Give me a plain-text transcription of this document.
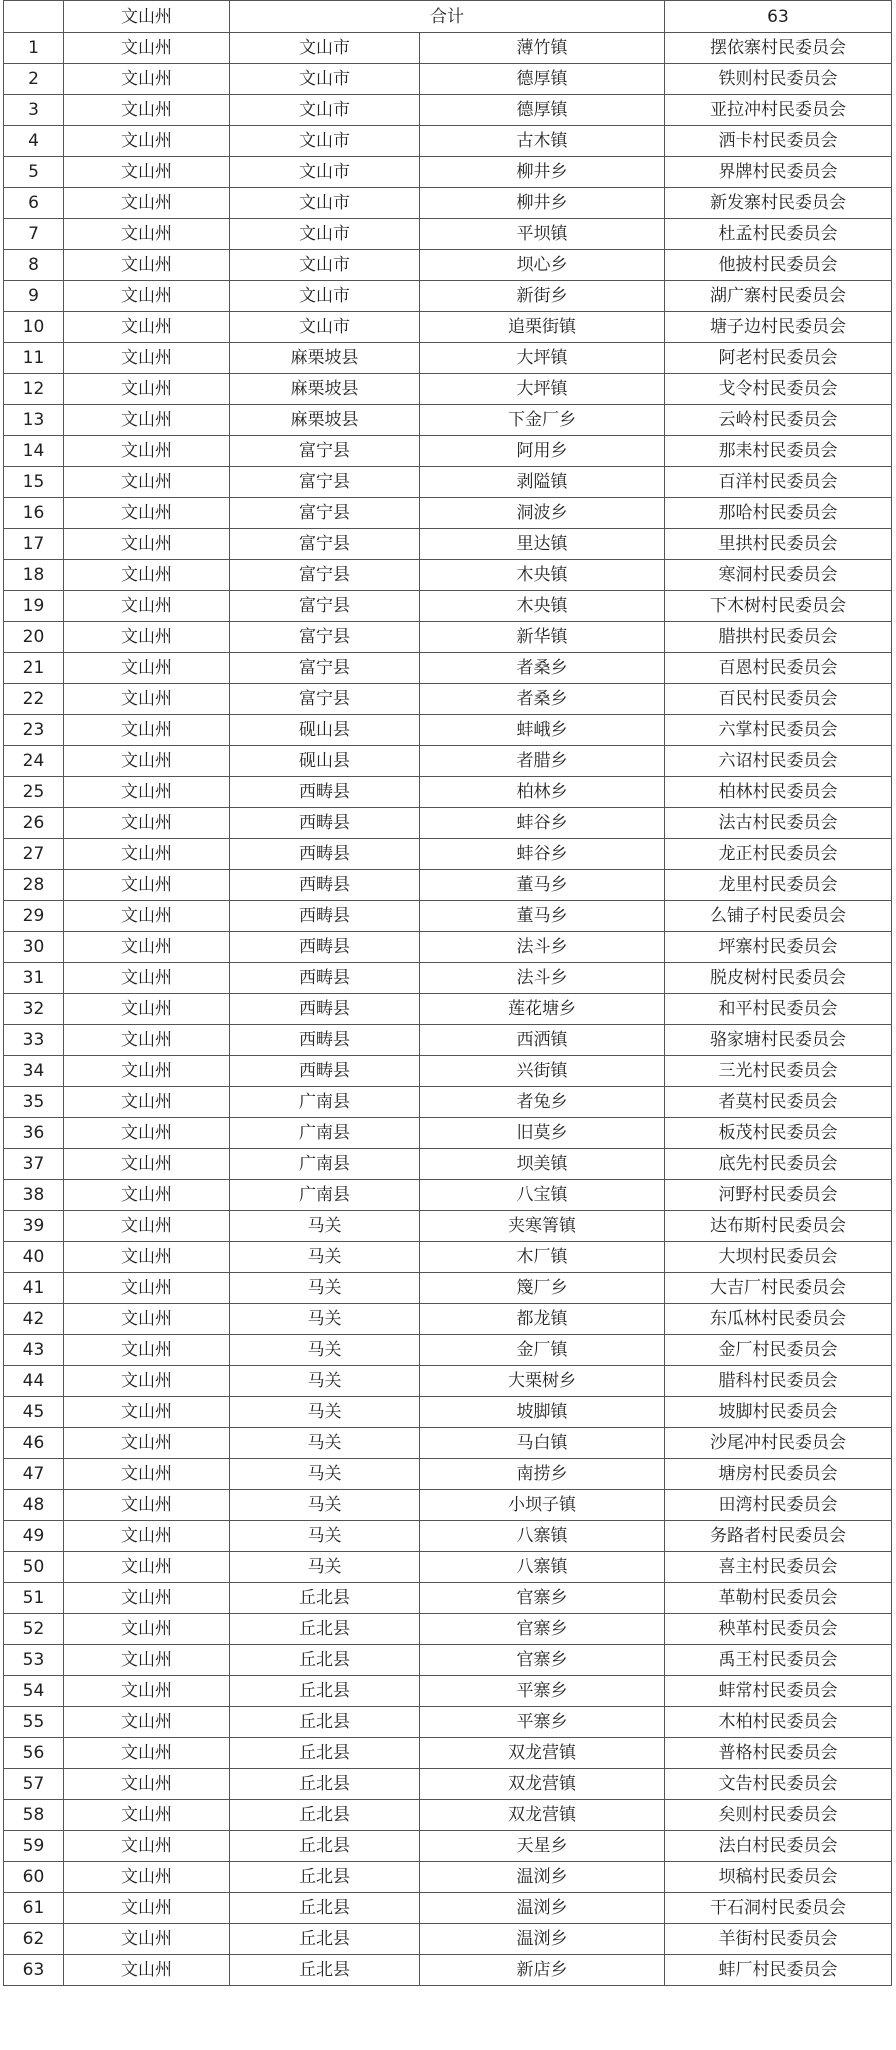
	文山州	合计		63
1	文山州	文山市	薄竹镇	摆依寨村民委员会
2	文山州	文山市	德厚镇	铁则村民委员会
3	文山州	文山市	德厚镇	亚拉冲村民委员会
4	文山州	文山市	古木镇	洒卡村民委员会
5	文山州	文山市	柳井乡	界牌村民委员会
6	文山州	文山市	柳井乡	新发寨村民委员会
7	文山州	文山市	平坝镇	杜孟村民委员会
8	文山州	文山市	坝心乡	他披村民委员会
9	文山州	文山市	新街乡	湖广寨村民委员会
10	文山州	文山市	追栗街镇	塘子边村民委员会
11	文山州	麻栗坡县	大坪镇	阿老村民委员会
12	文山州	麻栗坡县	大坪镇	戈令村民委员会
13	文山州	麻栗坡县	下金厂乡	云岭村民委员会
14	文山州	富宁县	阿用乡	那耒村民委员会
15	文山州	富宁县	剥隘镇	百洋村民委员会
16	文山州	富宁县	洞波乡	那哈村民委员会
17	文山州	富宁县	里达镇	里拱村民委员会
18	文山州	富宁县	木央镇	寒洞村民委员会
19	文山州	富宁县	木央镇	下木树村民委员会
20	文山州	富宁县	新华镇	腊拱村民委员会
21	文山州	富宁县	者桑乡	百恩村民委员会
22	文山州	富宁县	者桑乡	百民村民委员会
23	文山州	砚山县	蚌峨乡	六掌村民委员会
24	文山州	砚山县	者腊乡	六诏村民委员会
25	文山州	西畴县	柏林乡	柏林村民委员会
26	文山州	西畴县	蚌谷乡	法古村民委员会
27	文山州	西畴县	蚌谷乡	龙正村民委员会
28	文山州	西畴县	董马乡	龙里村民委员会
29	文山州	西畴县	董马乡	么铺子村民委员会
30	文山州	西畴县	法斗乡	坪寨村民委员会
31	文山州	西畴县	法斗乡	脱皮树村民委员会
32	文山州	西畴县	莲花塘乡	和平村民委员会
33	文山州	西畴县	西洒镇	骆家塘村民委员会
34	文山州	西畴县	兴街镇	三光村民委员会
35	文山州	广南县	者兔乡	者莫村民委员会
36	文山州	广南县	旧莫乡	板茂村民委员会
37	文山州	广南县	坝美镇	底先村民委员会
38	文山州	广南县	八宝镇	河野村民委员会
39	文山州	马关	夹寒箐镇	达布斯村民委员会
40	文山州	马关	木厂镇	大坝村民委员会
41	文山州	马关	篾厂乡	大吉厂村民委员会
42	文山州	马关	都龙镇	东瓜林村民委员会
43	文山州	马关	金厂镇	金厂村民委员会
44	文山州	马关	大栗树乡	腊科村民委员会
45	文山州	马关	坡脚镇	坡脚村民委员会
46	文山州	马关	马白镇	沙尾冲村民委员会
47	文山州	马关	南捞乡	塘房村民委员会
48	文山州	马关	小坝子镇	田湾村民委员会
49	文山州	马关	八寨镇	务路者村民委员会
50	文山州	马关	八寨镇	喜主村民委员会
51	文山州	丘北县	官寨乡	革勒村民委员会
52	文山州	丘北县	官寨乡	秧革村民委员会
53	文山州	丘北县	官寨乡	禹王村民委员会
54	文山州	丘北县	平寨乡	蚌常村民委员会
55	文山州	丘北县	平寨乡	木柏村民委员会
56	文山州	丘北县	双龙营镇	普格村民委员会
57	文山州	丘北县	双龙营镇	文告村民委员会
58	文山州	丘北县	双龙营镇	矣则村民委员会
59	文山州	丘北县	天星乡	法白村民委员会
60	文山州	丘北县	温浏乡	坝稿村民委员会
61	文山州	丘北县	温浏乡	干石洞村民委员会
62	文山州	丘北县	温浏乡	羊街村民委员会
63	文山州	丘北县	新店乡	蚌厂村民委员会
